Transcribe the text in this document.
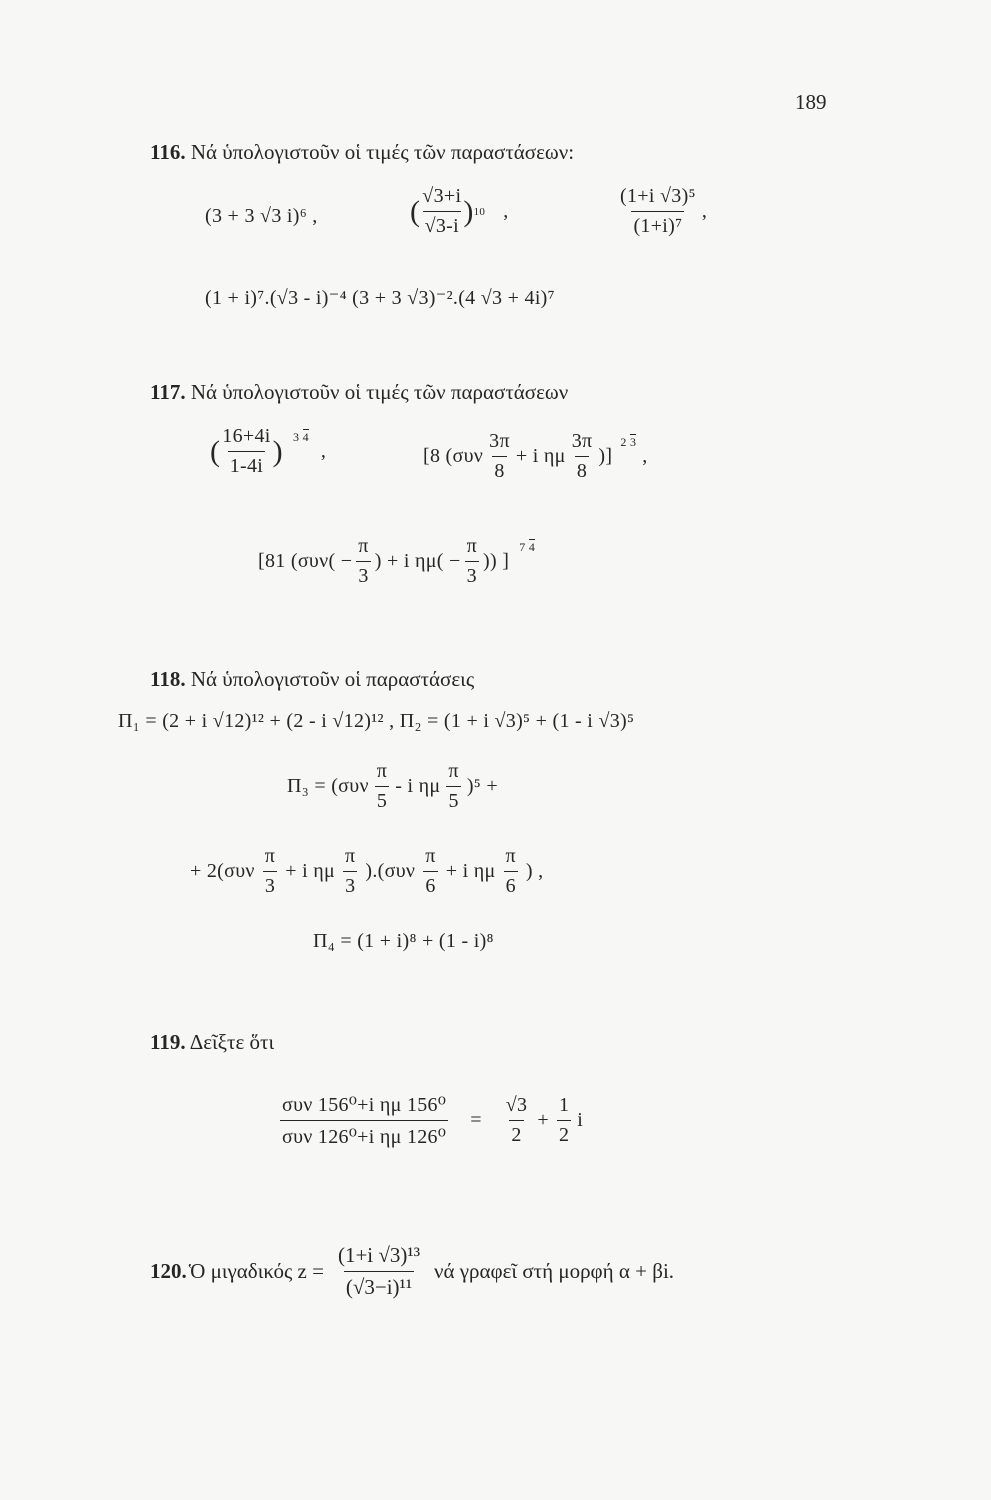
189
116. Νά ὑπολογιστοῦν οἱ τιμές τῶν παραστάσεων:
(3 + 3 √3 i)⁶ ,	( $\frac{√3+i}{√3-i}$ ) 10 ,	$\frac{\text{(1+i √3)⁵}}{\text{(1+i)⁷}}$ ,
(1 + i)⁷.(√3 - i)⁻⁴ (3 + 3 √3)⁻².(4 √3 + 4i)⁷
117. Νά ὑπολογιστοῦν οἱ τιμές τῶν παραστάσεων
( $\frac{16+4i}{1-4i}$ ) 3 4
,	[8 ($\sigma\upsilon\nu \frac{3\pi}{8} + i$ ημ $\frac{3\pi}{8}$ )]
2 3
,
[81 ($\sigma\upsilon\nu( - \frac{\pi}{3}$ ) + i $\eta\mu( - \frac{\pi}{3}$ )) ]
7 4
118. Νά ὑπολογιστοῦν οἱ παραστάσεις
Π₁ = (2 + i √12)¹² + (2 - i √12)¹² , Π₂ = (1 + i √3)⁵ + (1 - i √3)⁵
$\Pi_3 = (\sigma\upsilon\nu \frac{\pi}{5} - i$ ημ $\frac{\pi}{5} )^5$ +
+ $2(\sigma\upsilon\nu \frac{\pi}{3} + i$ ημ $\frac{\pi}{3} ).(\sigma\upsilon\nu \frac{\pi}{6} + i$ ημ $\frac{\pi}{6}$ ) ,
Π₄ = (1 + i)⁸ + (1 - i)⁸
119. Δεῖξτε ὅτι
$\frac{\text{συν 156⁰+i ημ 156⁰}}{\text{συν 126⁰+i ημ 126⁰}} = \frac{√3}{2} + \frac{1}{2}$ i
120. Ὁ μιγαδικός $z = \frac{\text{(1+i √3)¹³}}{\text{(√3−i)¹¹}}$ νά γραφεῖ στή μορφή α + βi.
